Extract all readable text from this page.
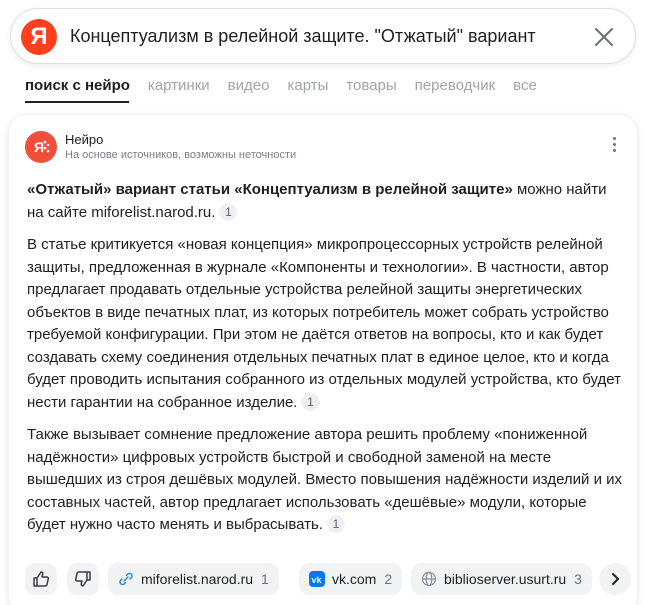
Я	Концептуализм в релейной защите. "Отжатый" вариант
поиск с нейро картинки видео карты товары переводчик все
Я Нейро
На основе источников, возможны неточности

«Отжатый» вариант статьи «Концептуализм в релейной защите» можно найти на сайте miforelist.narod.ru. 1

В статье критикуется «новая концепция» микропроцессорных устройств релейной защиты, предложенная в журнале «Компоненты и технологии». В частности, автор предлагает продавать отдельные устройства релейной защиты энергетических объектов в виде печатных плат, из которых потребитель может собрать устройство требуемой конфигурации. При этом не даётся ответов на вопросы, кто и как будет создавать схему соединения отдельных печатных плат в единое целое, кто и когда будет проводить испытания собранного из отдельных модулей устройства, кто будет нести гарантии на собранное изделие. 1

Также вызывает сомнение предложение автора решить проблему «пониженной надёжности» цифровых устройств быстрой и свободной заменой на месте вышедших из строя дешёвых модулей. Вместо повышения надёжности изделий и их составных частей, автор предлагает использовать «дешёвые» модули, которые будет нужно часто менять и выбрасывать. 1

miforelist.narod.ru 1	vk vk.com 2	biblioserver.usurt.ru 3
